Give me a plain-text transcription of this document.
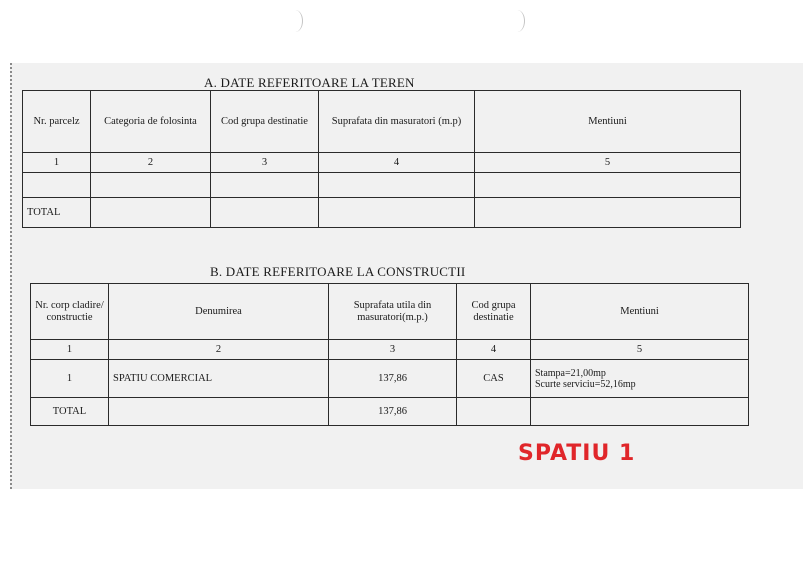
A. DATE REFERITOARE LA TEREN
Nr. parcelz	Categoria de folosinta	Cod grupa destinatie	Suprafata din masuratori (m.p)	Mentiuni
1	2	3	4	5

TOTAL				
B. DATE REFERITOARE LA CONSTRUCTII
Nr. corp cladire/ constructie	Denumirea	Suprafata utila din masuratori(m.p.)	Cod grupa destinatie	Mentiuni
1	2	3	4	5
1	SPATIU COMERCIAL	137,86	CAS	Stampa=21,00mp
Scurte serviciu=52,16mp

TOTAL		137,86		
SPATIU 1
